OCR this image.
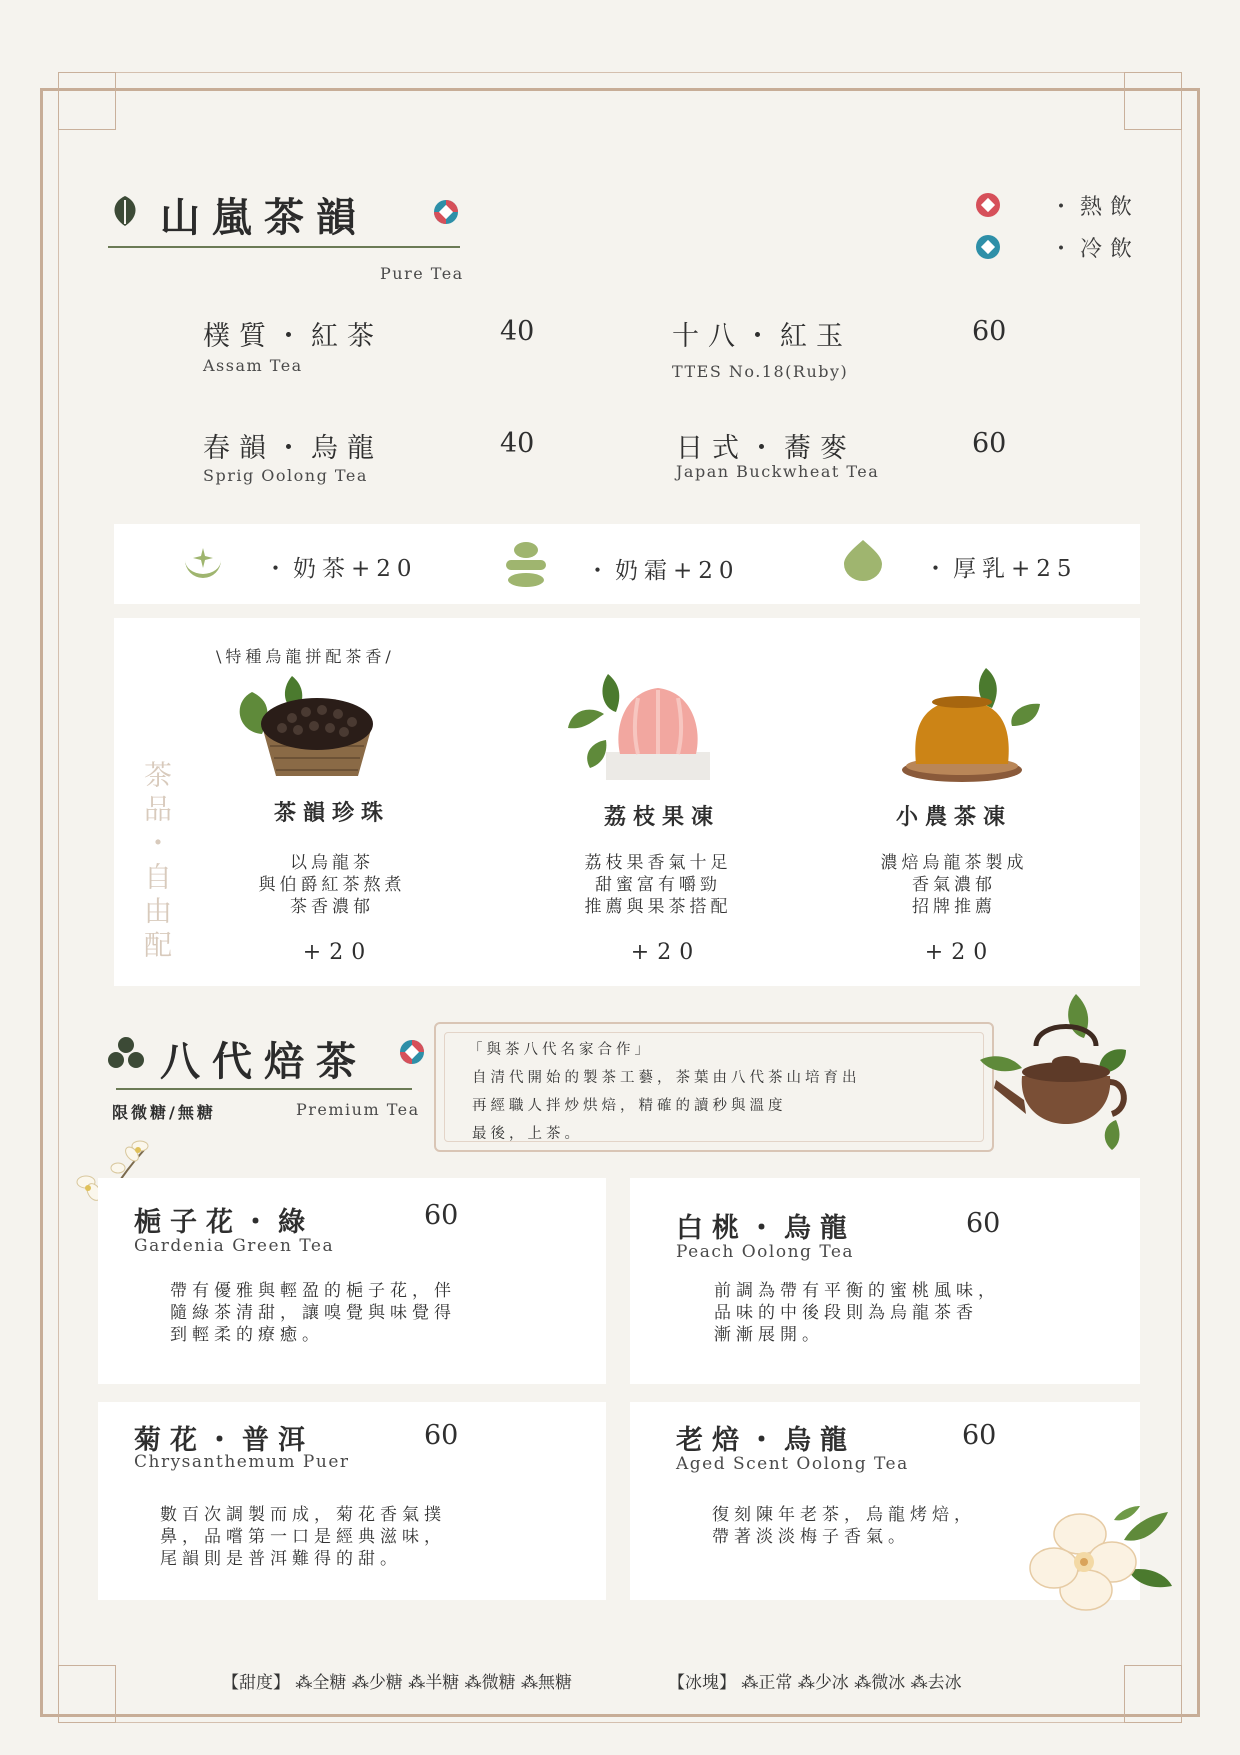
山嵐茶韻
Pure Tea
・熱飲
・冷飲
樸質・紅茶
Assam Tea
40	十八・紅玉
TTES No.18(Ruby)
60
春韻・烏龍
Sprig Oolong Tea
40	日式・蕎麥
Japan Buckwheat Tea
60
・奶茶+20	・奶霜+20	・厚乳+25
茶品・自由配
\特種烏龍拼配茶香/
茶韻珍珠
以烏龍茶
與伯爵紅茶熬煮
茶香濃郁
+20
荔枝果凍
荔枝果香氣十足
甜蜜富有嚼勁
推薦與果茶搭配
+20
小農茶凍
濃焙烏龍茶製成
香氣濃郁
招牌推薦
+20
八代焙茶
限微糖/無糖	Premium Tea
「與茶八代名家合作」
自清代開始的製茶工藝，茶葉由八代茶山培育出
再經職人拌炒烘焙，精確的讀秒與溫度
最後，上茶。
梔子花・綠	60
Gardenia Green Tea
帶有優雅與輕盈的梔子花，伴
隨綠茶清甜，讓嗅覺與味覺得
到輕柔的療癒。
白桃・烏龍	60
Peach Oolong Tea
前調為帶有平衡的蜜桃風味，
品味的中後段則為烏龍茶香
漸漸展開。
菊花・普洱	60
Chrysanthemum Puer
數百次調製而成，菊花香氣撲
鼻，品嚐第一口是經典滋味，
尾韻則是普洱難得的甜。
老焙・烏龍	60
Aged Scent Oolong Tea
復刻陳年老茶，烏龍烤焙，
帶著淡淡梅子香氣。
【甜度】 ⁂全糖 ⁂少糖 ⁂半糖 ⁂微糖 ⁂無糖	【冰塊】 ⁂正常 ⁂少冰 ⁂微冰 ⁂去冰
